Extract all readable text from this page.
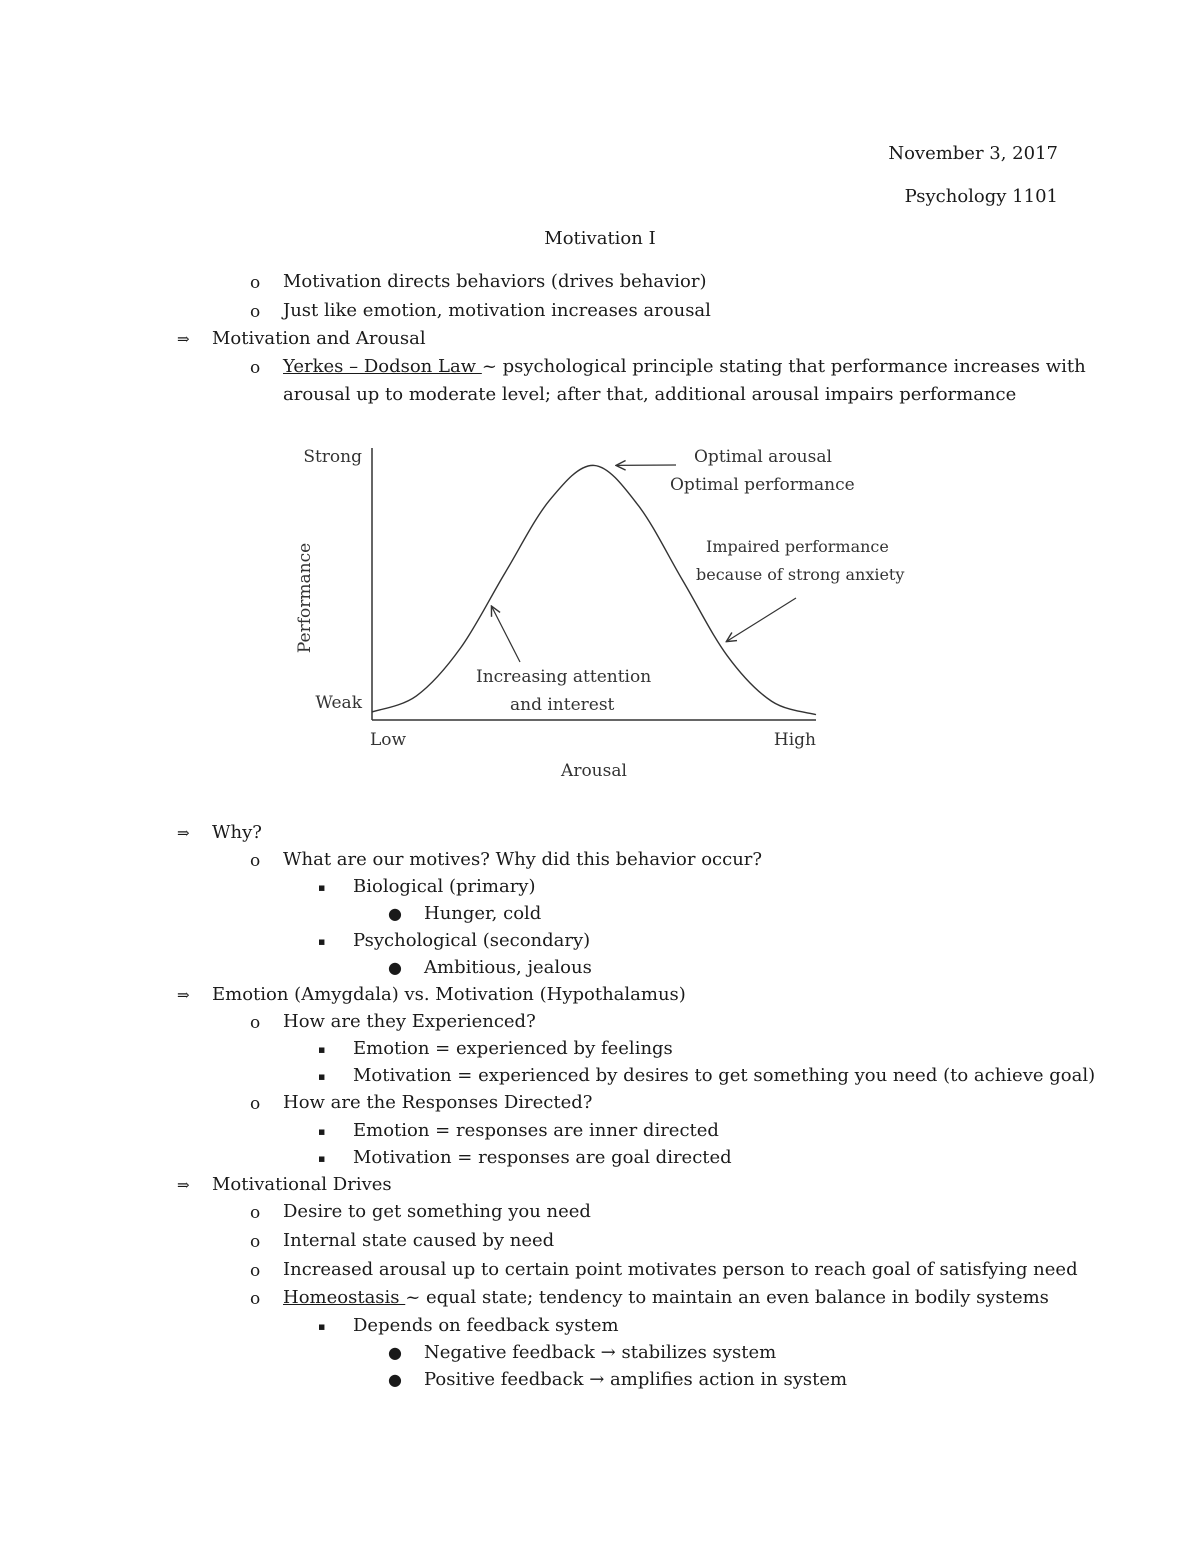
November 3, 2017
Psychology 1101
Motivation I
o Motivation directs behaviors (drives behavior)
o Just like emotion, motivation increases arousal
⇒ Motivation and Arousal
o Yerkes – Dodson Law ~ psychological principle stating that performance increases with
arousal up to moderate level; after that, additional arousal impairs performance
Strong
Weak
Low	High
Arousal
Performance
Optimal arousal
Optimal performance
Impaired performance
because of strong anxiety
Increasing attention
and interest
⇒ Why?
o What are our motives? Why did this behavior occur?
▪ Biological (primary)
● Hunger, cold
▪ Psychological (secondary)
● Ambitious, jealous
⇒ Emotion (Amygdala) vs. Motivation (Hypothalamus)
o How are they Experienced?
▪ Emotion = experienced by feelings
▪ Motivation = experienced by desires to get something you need (to achieve goal)
o How are the Responses Directed?
▪ Emotion = responses are inner directed
▪ Motivation = responses are goal directed
⇒ Motivational Drives
o Desire to get something you need
o Internal state caused by need
o Increased arousal up to certain point motivates person to reach goal of satisfying need
o Homeostasis ~ equal state; tendency to maintain an even balance in bodily systems
▪ Depends on feedback system
● Negative feedback → stabilizes system
● Positive feedback → amplifies action in system
